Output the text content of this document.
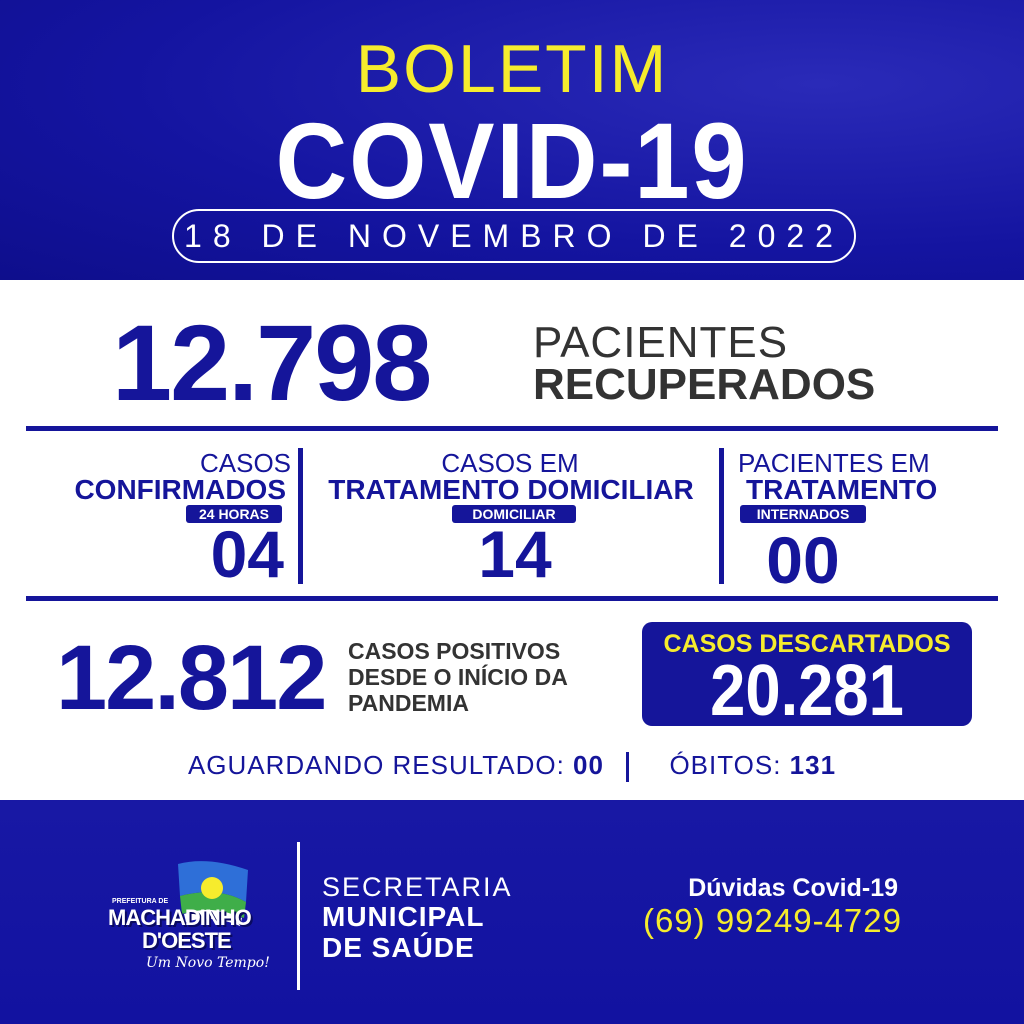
BOLETIM
COVID-19
18 DE NOVEMBRO DE 2022
12.798 PACIENTES
RECUPERADOS
CASOS
CONFIRMADOS
24 HORAS
04
CASOS EM
TRATAMENTO DOMICILIAR
DOMICILIAR
14
PACIENTES EM
TRATAMENTO
INTERNADOS
00
12.812 CASOS POSITIVOS
DESDE O INÍCIO DA
PANDEMIA
CASOS DESCARTADOS
20.281
AGUARDANDO RESULTADO: 00	ÓBITOS: 131
PREFEITURA DE
MACHADINHO
D'OESTE
Um Novo Tempo!
SECRETARIA
MUNICIPAL
DE SAÚDE
Dúvidas Covid-19
(69) 99249-4729
